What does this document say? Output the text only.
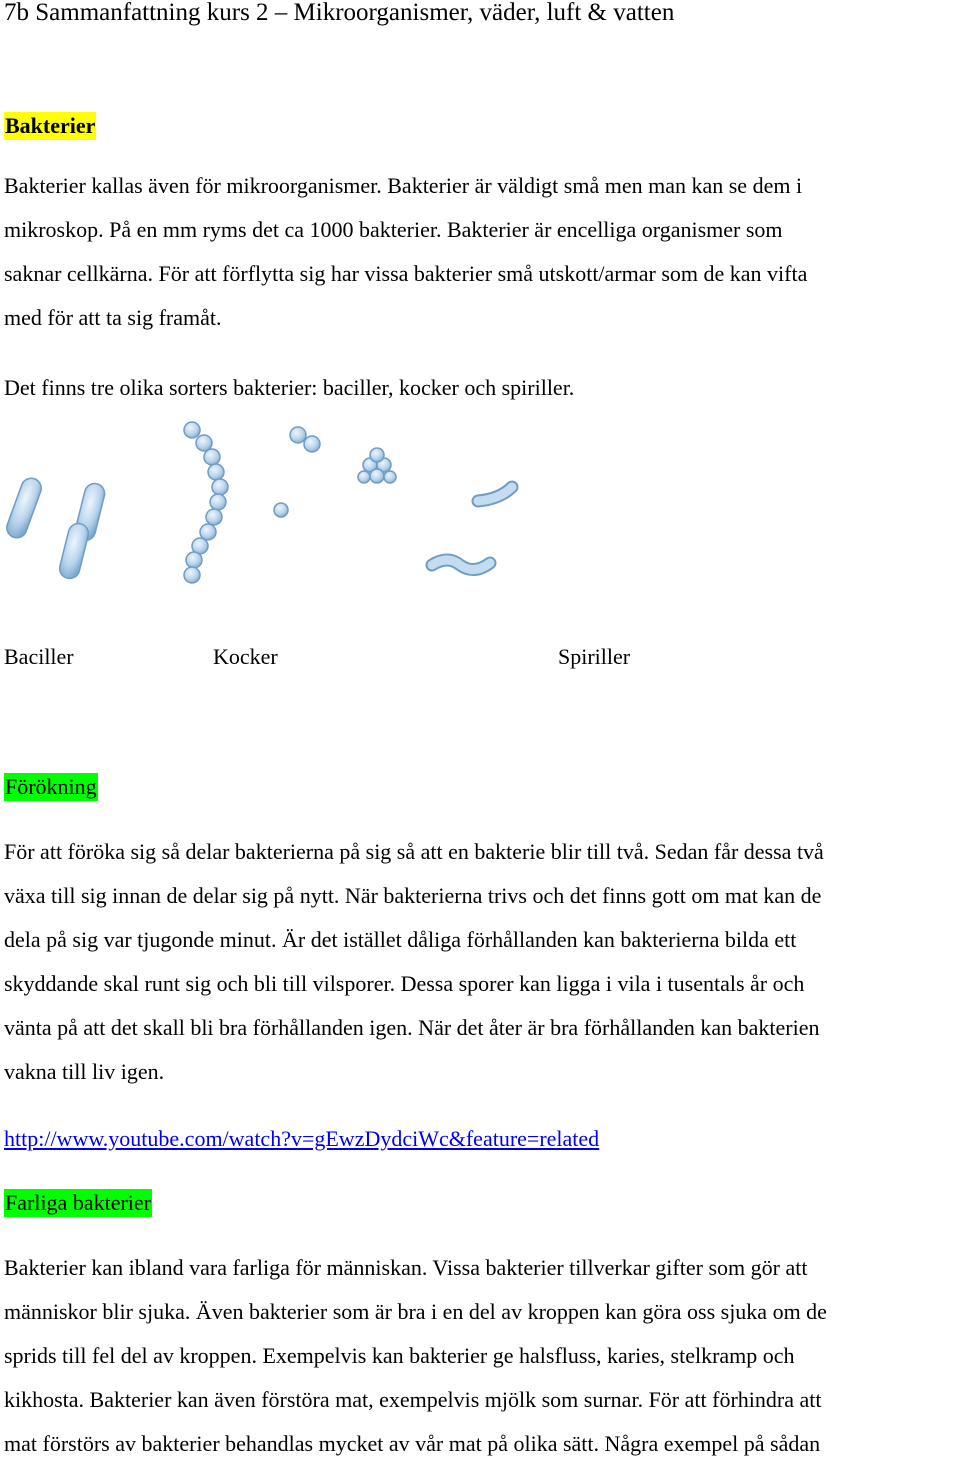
7b Sammanfattning kurs 2 – Mikroorganismer, väder, luft & vatten
Bakterier
Bakterier kallas även för mikroorganismer. Bakterier är väldigt små men man kan se dem i
mikroskop. På en mm ryms det ca 1000 bakterier. Bakterier är encelliga organismer som
saknar cellkärna. För att förflytta sig har vissa bakterier små utskott/armar som de kan vifta
med för att ta sig framåt.
Det finns tre olika sorters bakterier: baciller, kocker och spiriller.
Baciller	Kocker	Spiriller
Förökning
För att föröka sig så delar bakterierna på sig så att en bakterie blir till två. Sedan får dessa två
växa till sig innan de delar sig på nytt. När bakterierna trivs och det finns gott om mat kan de
dela på sig var tjugonde minut. Är det istället dåliga förhållanden kan bakterierna bilda ett
skyddande skal runt sig och bli till vilsporer. Dessa sporer kan ligga i vila i tusentals år och
vänta på att det skall bli bra förhållanden igen. När det åter är bra förhållanden kan bakterien
vakna till liv igen.
http://www.youtube.com/watch?v=gEwzDydciWc&feature=related
Farliga bakterier
Bakterier kan ibland vara farliga för människan. Vissa bakterier tillverkar gifter som gör att
människor blir sjuka. Även bakterier som är bra i en del av kroppen kan göra oss sjuka om de
sprids till fel del av kroppen. Exempelvis kan bakterier ge halsfluss, karies, stelkramp och
kikhosta. Bakterier kan även förstöra mat, exempelvis mjölk som surnar. För att förhindra att
mat förstörs av bakterier behandlas mycket av vår mat på olika sätt. Några exempel på sådan
